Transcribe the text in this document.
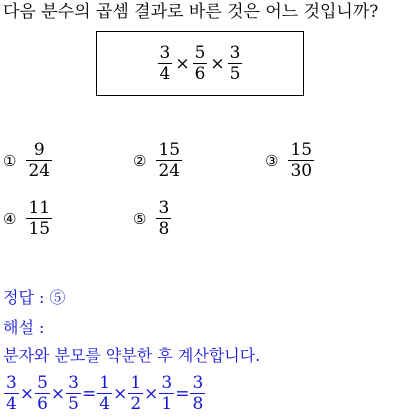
다음 분수의 곱셈 결과로 바른 것은 어느 것입니까?
$\frac{3}{4} \times \frac{5}{6} \times \frac{3}{5}$
① $\frac{9}{24}$	② $\frac{15}{24}$	③ $\frac{15}{30}$
④ $\frac{11}{15}$	⑤ $\frac{3}{8}$
정답 : ⑤
해설 :
분자와 분모를 약분한 후 계산합니다.
$\frac{3}{4} \times \frac{5}{6} \times \frac{3}{5} = \frac{1}{4} \times \frac{1}{2} \times \frac{3}{1} = \frac{3}{8}$
